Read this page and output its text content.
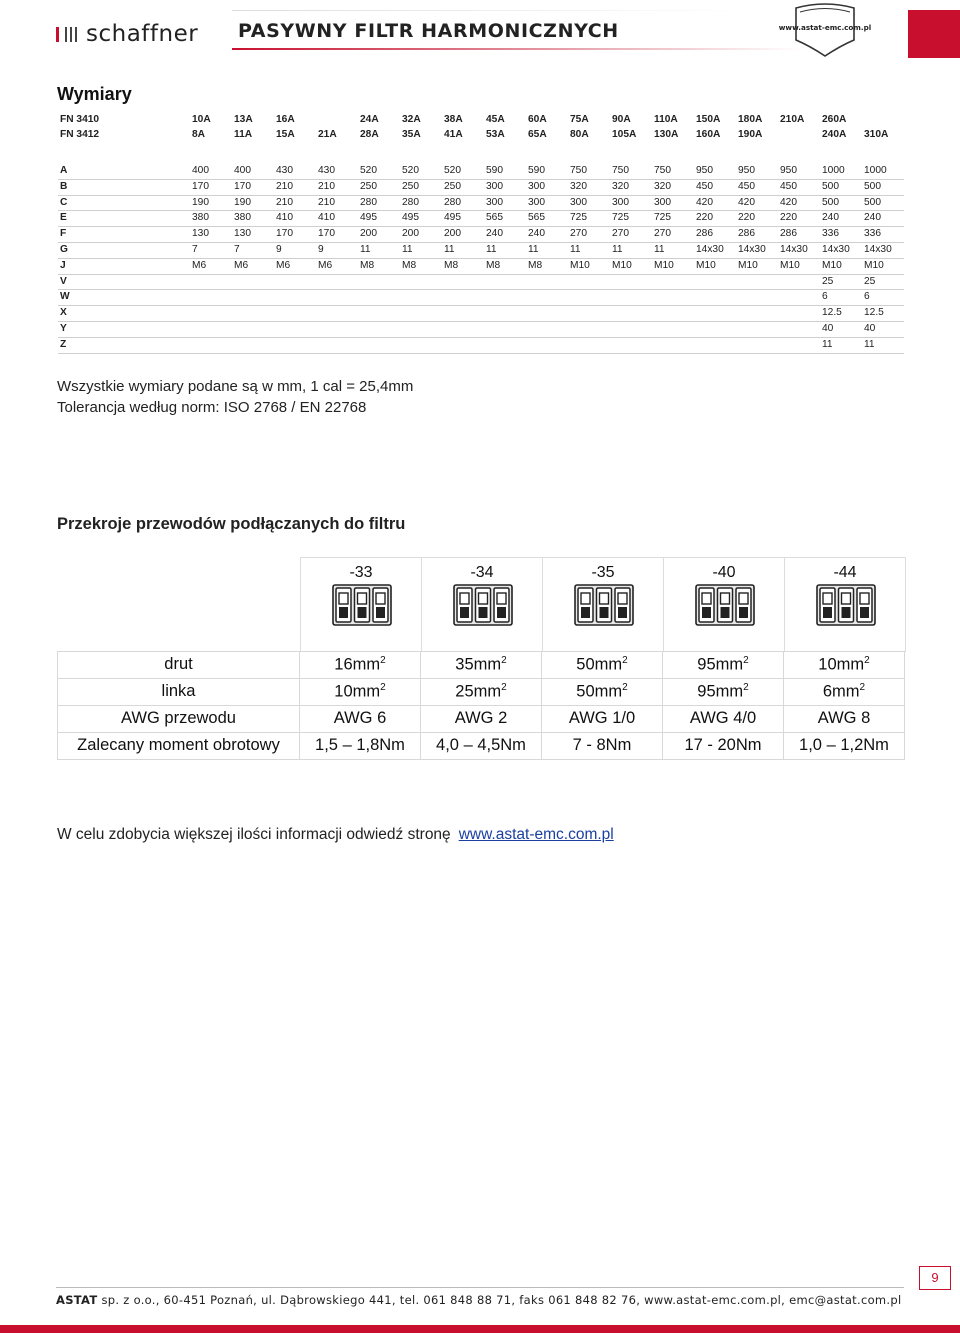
schaffner PASYWNY FILTR HARMONICZNYCH	www.astat-emc.com.pl
Wymiary
FN 3410	10A	13A	16A		24A	32A	38A	45A	60A	75A	90A	110A	150A	180A	210A	260A	
FN 3412	8A	11A	15A	21A	28A	35A	41A	53A	65A	80A	105A	130A	160A	190A		240A	310A

A	400	400	430	430	520	520	520	590	590	750	750	750	950	950	950	1000	1000
B	170	170	210	210	250	250	250	300	300	320	320	320	450	450	450	500	500
C	190	190	210	210	280	280	280	300	300	300	300	300	420	420	420	500	500
E	380	380	410	410	495	495	495	565	565	725	725	725	220	220	220	240	240
F	130	130	170	170	200	200	200	240	240	270	270	270	286	286	286	336	336
G	7	7	9	9	11	11	11	11	11	11	11	11	14x30	14x30	14x30	14x30	14x30
J	M6	M6	M6	M6	M8	M8	M8	M8	M8	M10	M10	M10	M10	M10	M10	M10	M10
V																25	25
W																6	6
X																12.5	12.5
Y																40	40
Z																11	11
Wszystkie wymiary podane są w mm, 1 cal = 25,4mm
Tolerancja według norm: ISO 2768 / EN 22768
Przekroje przewodów podłączanych do filtru
-33	-34	-35	-40	-44
drut	$16mm^2$	$35mm^2$	$50mm^2$	$95mm^2$	$10mm^2$
linka	$10mm^2$	$25mm^2$	$50mm^2$	$95mm^2$	$6mm^2$
AWG przewodu	AWG 6	AWG 2	AWG 1/0	AWG 4/0	AWG 8
Zalecany moment obrotowy	1,5 – 1,8Nm	4,0 – 4,5Nm	7 - 8Nm	17 - 20Nm	1,0 – 1,2Nm
W celu zdobycia większej ilości informacji odwiedź stronę www.astat-emc.com.pl
9
ASTAT sp. z o.o., 60-451 Poznań, ul. Dąbrowskiego 441, tel. 061 848 88 71, faks 061 848 82 76, www.astat-emc.com.pl, emc@astat.com.pl
